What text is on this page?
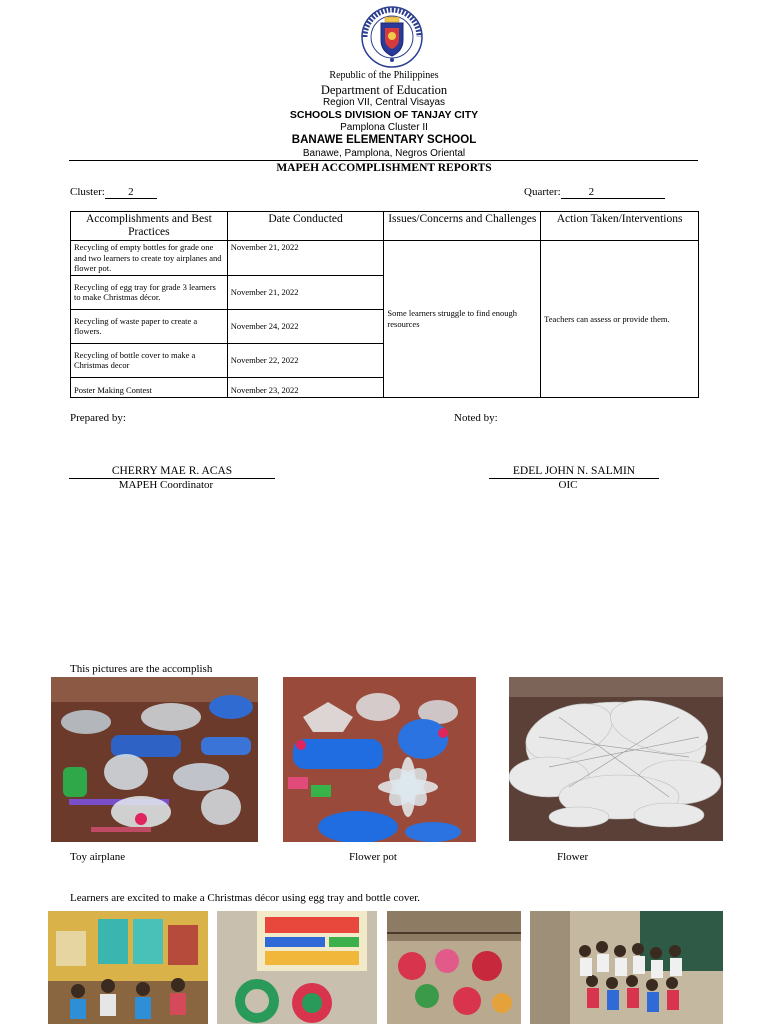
Republic of the Philippines
Department of Education
Region VII, Central Visayas
SCHOOLS DIVISION OF TANJAY CITY
Pamplona Cluster II
BANAWE ELEMENTARY SCHOOL
Banawe, Pamplona, Negros Oriental
MAPEH ACCOMPLISHMENT REPORTS
Cluster: 2	Quarter:	2
Accomplishments and Best Practices	Date Conducted	Issues/Concerns and Challenges	Action Taken/Interventions
Recycling of empty bottles for grade one and two learners to create toy airplanes and flower pot.	November 21, 2022	Some learners struggle to find enough resources	Teachers can assess or provide them.
Recycling of egg tray for grade 3 learners to make Christmas décor.	November 21, 2022		
Recycling of waste paper to create a flowers.	November 24, 2022		
Recycling of bottle cover to make a Christmas decor	November 22, 2022		
Poster Making Contest	November 23, 2022		
Prepared by:	Noted by:
CHERRY MAE R. ACAS
MAPEH Coordinator
EDEL JOHN N. SALMIN
OIC
This pictures are the accomplish
Toy airplane	Flower pot	Flower
Learners are excited to make a Christmas décor using egg tray and bottle cover.
